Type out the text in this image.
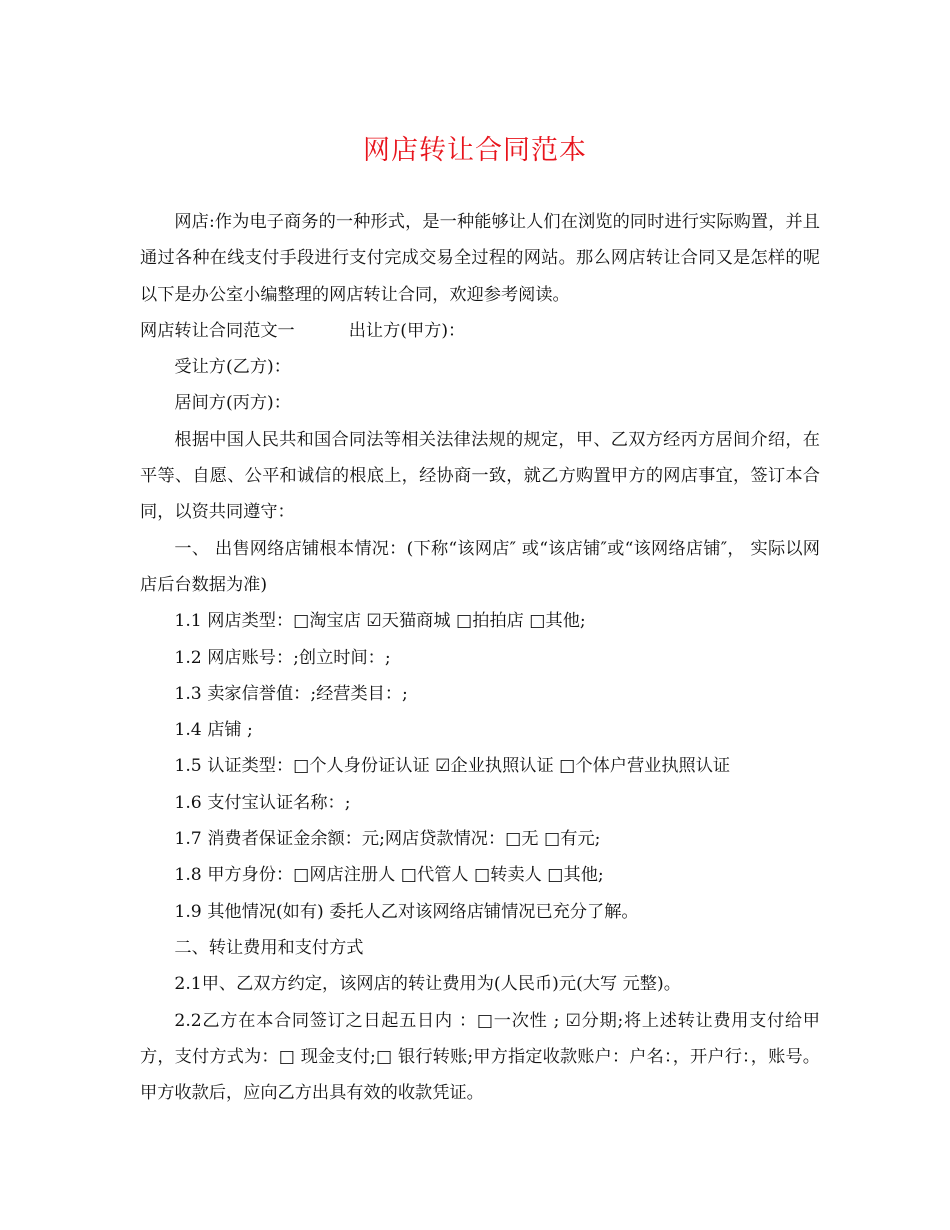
网店转让合同范本

网店:作为电子商务的一种形式，是一种能够让人们在浏览的同时进行实际购置，并且通过各种在线支付手段进行支付完成交易全过程的网站。那么网店转让合同又是怎样的呢以下是办公室小编整理的网店转让合同，欢迎参考阅读。

网店转让合同范文一	出让方(甲方)：

受让方(乙方)：

居间方(丙方)：

根据中国人民共和国合同法等相关法律法规的规定，甲、乙双方经丙方居间介绍，在平等、自愿、公平和诚信的根底上，经协商一致，就乙方购置甲方的网店事宜，签订本合同，以资共同遵守：

一、 出售网络店铺根本情况：(下称“该网店″ 或“该店铺″或“该网络店铺″， 实际以网店后台数据为准)

1.1 网店类型：□淘宝店 ☑天猫商城 □拍拍店 □其他;

1.2 网店账号：;创立时间：;

1.3 卖家信誉值：;经营类目：;

1.4 店铺 ;

1.5 认证类型：□个人身份证认证 ☑企业执照认证 □个体户营业执照认证

1.6 支付宝认证名称：;

1.7 消费者保证金余额：元;网店贷款情况：□无 □有元;

1.8 甲方身份：□网店注册人 □代管人 □转卖人 □其他;

1.9 其他情况(如有) 委托人乙对该网络店铺情况已充分了解。

二、转让费用和支付方式

2.1甲、乙双方约定，该网店的转让费用为(人民币)元(大写 元整)。

2.2乙方在本合同签订之日起五日内 ：□一次性 ; ☑分期;将上述转让费用支付给甲方，支付方式为：□ 现金支付;□ 银行转账;甲方指定收款账户：户名：，开户行：，账号。甲方收款后，应向乙方出具有效的收款凭证。
